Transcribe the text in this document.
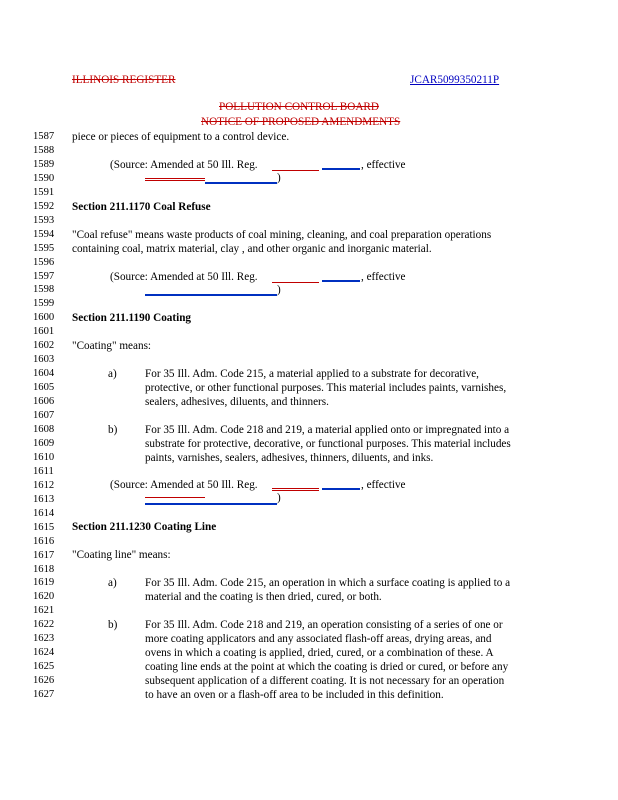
ILLINOIS REGISTER	JCAR5099350211P
POLLUTION CONTROL BOARD
NOTICE OF PROPOSED AMENDMENTS
1587
1588
1589
1590
1591
1592
1593
1594
1595
1596
1597
1598
1599
1600
1601
1602
1603
1604
1605
1606
1607
1608
1609
1610
1611
1612
1613
1614
1615
1616
1617
1618
1619
1620
1621
1622
1623
1624
1625
1626
1627
piece or pieces of equipment to a control device.
(Source: Amended at 50 Ill. Reg.	, effective
)
Section 211.1170 Coal Refuse
"Coal refuse" means waste products of coal mining, cleaning, and coal preparation operations
containing coal, matrix material, clay , and other organic and inorganic material.
(Source: Amended at 50 Ill. Reg.	, effective
)
Section 211.1190 Coating
"Coating" means:
a)	For 35 Ill. Adm. Code 215, a material applied to a substrate for decorative,
protective, or other functional purposes. This material includes paints, varnishes,
sealers, adhesives, diluents, and thinners.
b) For 35 Ill. Adm. Code 218 and 219, a material applied onto or impregnated into a
substrate for protective, decorative, or functional purposes. This material includes
paints, varnishes, sealers, adhesives, thinners, diluents, and inks.
(Source: Amended at 50 Ill. Reg.	, effective
)
Section 211.1230 Coating Line
"Coating line" means:
a)	For 35 Ill. Adm. Code 215, an operation in which a surface coating is applied to a
material and the coating is then dried, cured, or both.
b) For 35 Ill. Adm. Code 218 and 219, an operation consisting of a series of one or
more coating applicators and any associated flash-off areas, drying areas, and
ovens in which a coating is applied, dried, cured, or a combination of these. A
coating line ends at the point at which the coating is dried or cured, or before any
subsequent application of a different coating. It is not necessary for an operation
to have an oven or a flash-off area to be included in this definition.
